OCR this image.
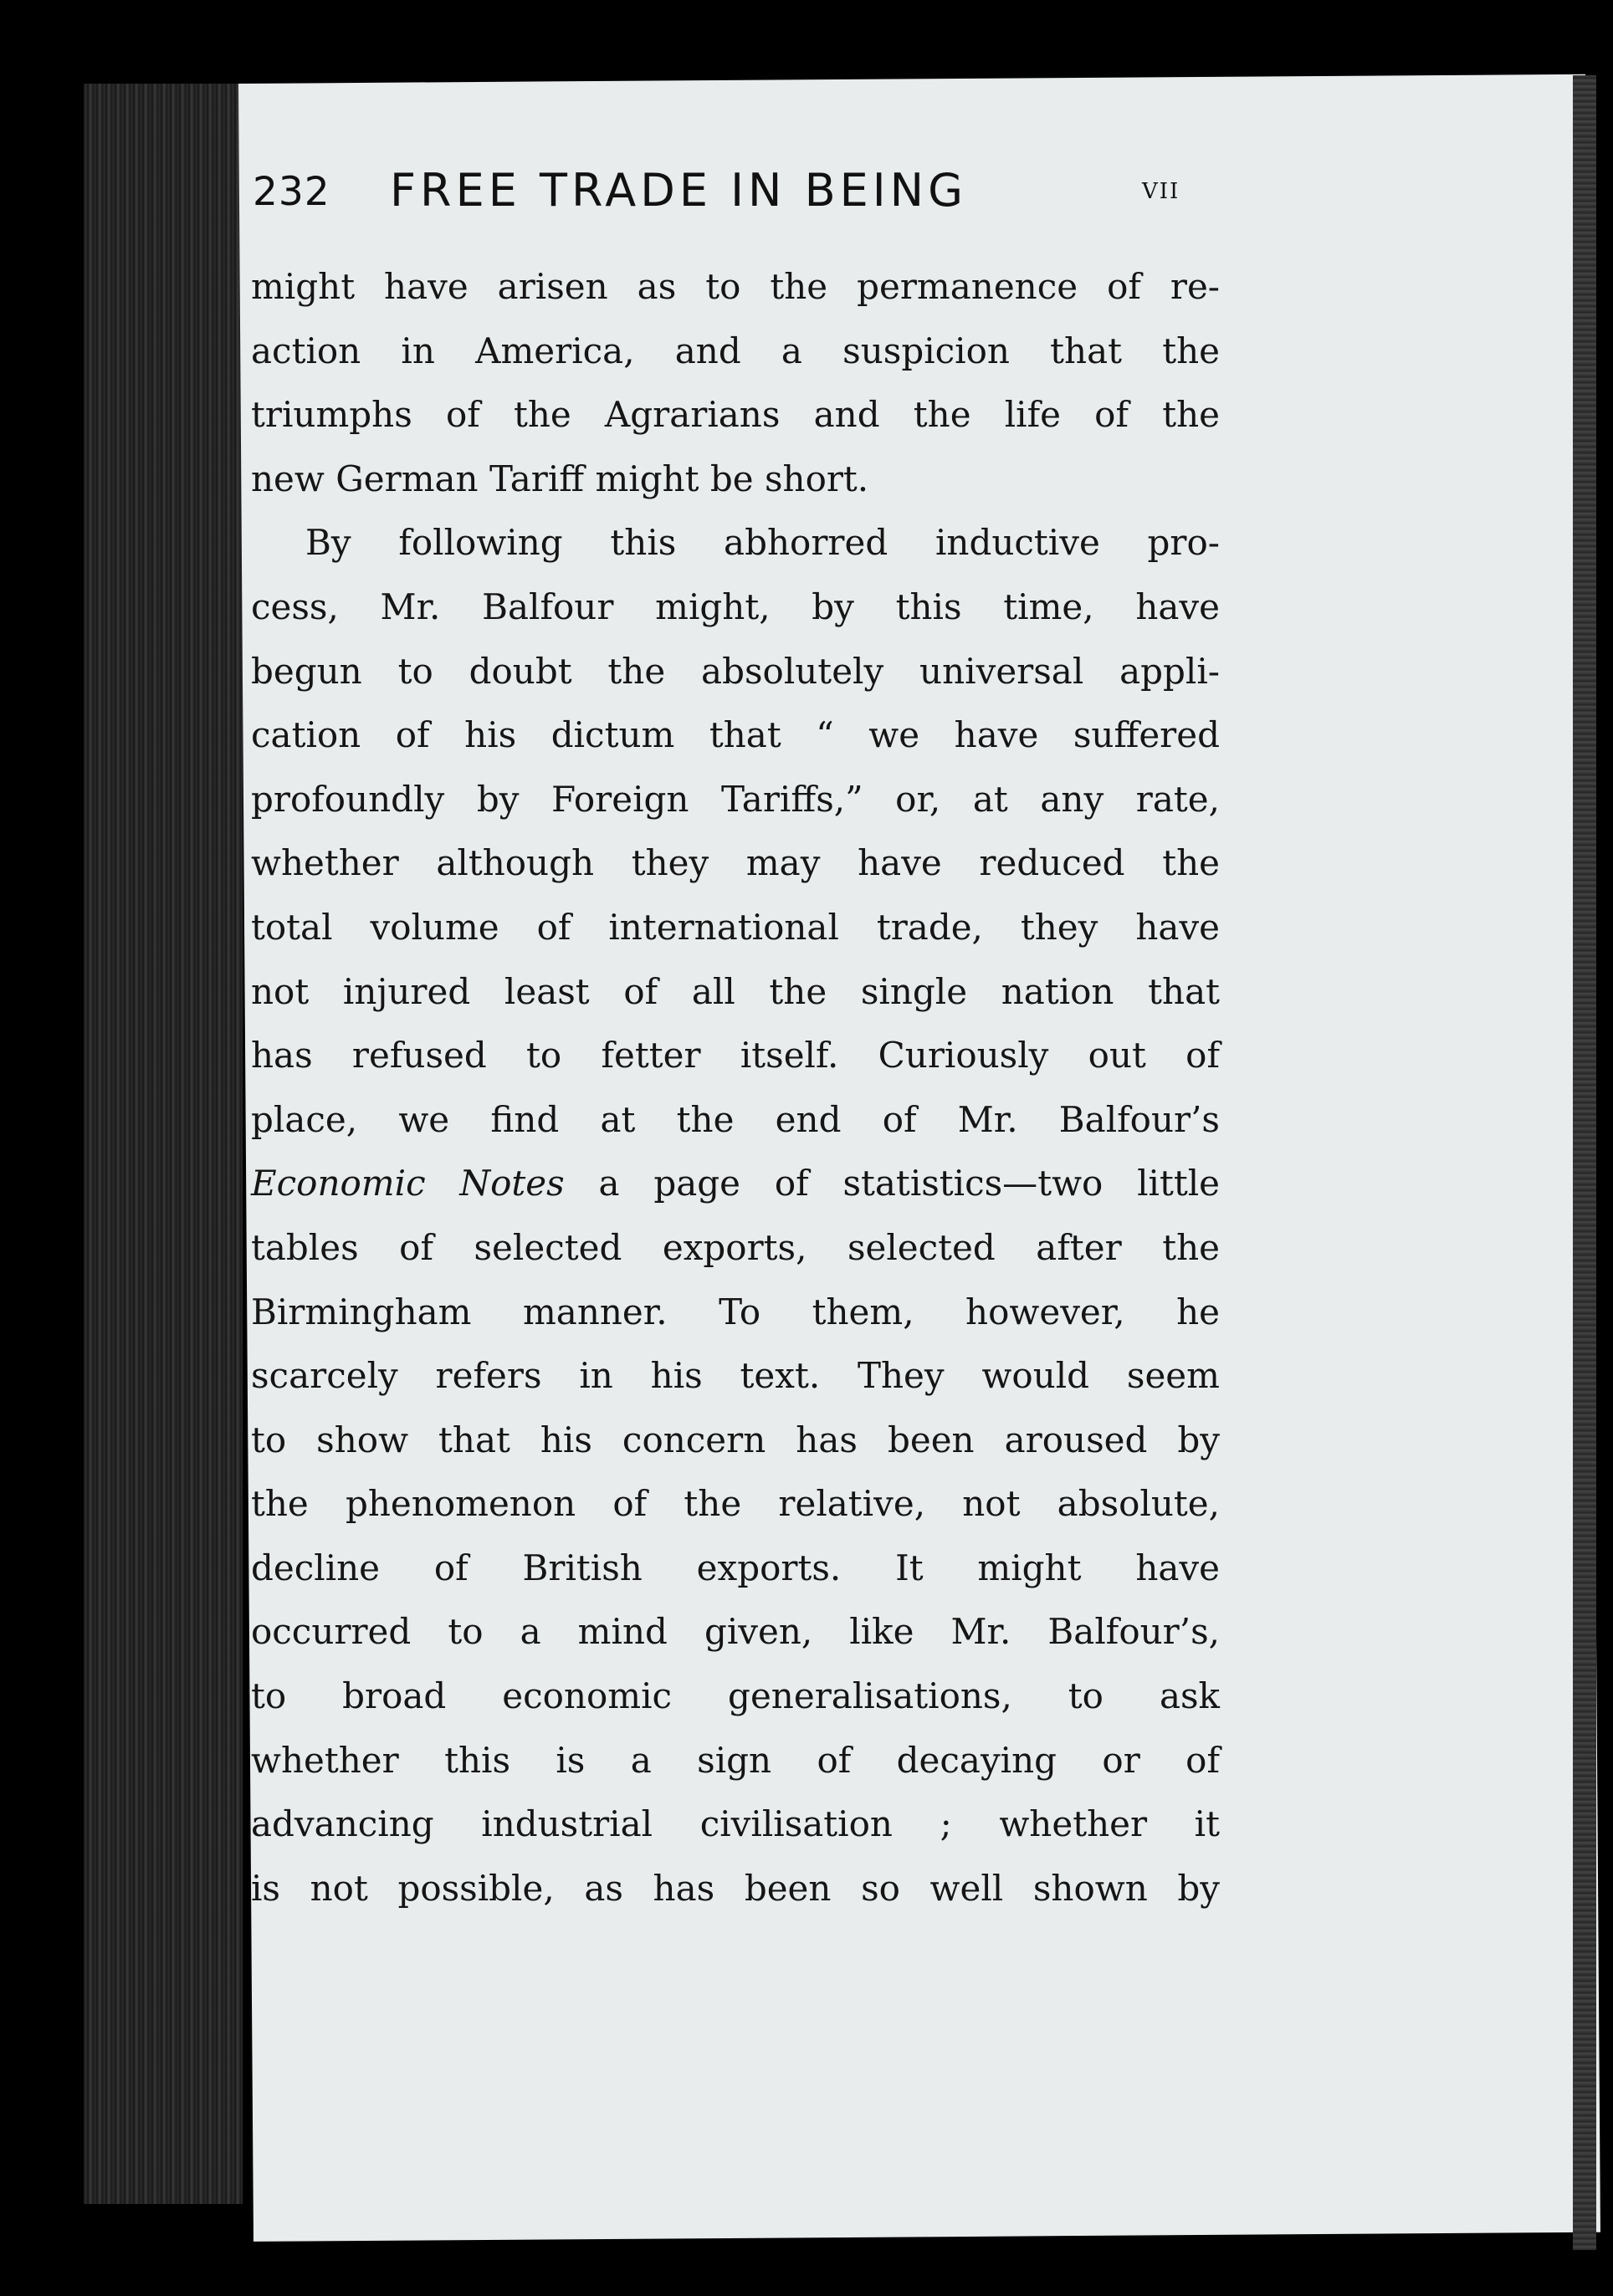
232 FREE TRADE IN BEING	VII
might have arisen as to the permanence of re-
action in America, and a suspicion that the
triumphs of the Agrarians and the life of the
new German Tariff might be short.
By following this abhorred inductive pro-
cess, Mr. Balfour might, by this time, have
begun to doubt the absolutely universal appli-
cation of his dictum that “ we have suffered
profoundly by Foreign Tariffs,” or, at any rate,
whether although they may have reduced the
total volume of international trade, they have
not injured least of all the single nation that
has refused to fetter itself. Curiously out of
place, we find at the end of Mr. Balfour’s
Economic Notes a page of statistics—two little
tables of selected exports, selected after the
Birmingham manner. To them, however, he
scarcely refers in his text. They would seem
to show that his concern has been aroused by
the phenomenon of the relative, not absolute,
decline of British exports. It might have
occurred to a mind given, like Mr. Balfour’s,
to broad economic generalisations, to ask
whether this is a sign of decaying or of
advancing industrial civilisation ; whether it
is not possible, as has been so well shown by
